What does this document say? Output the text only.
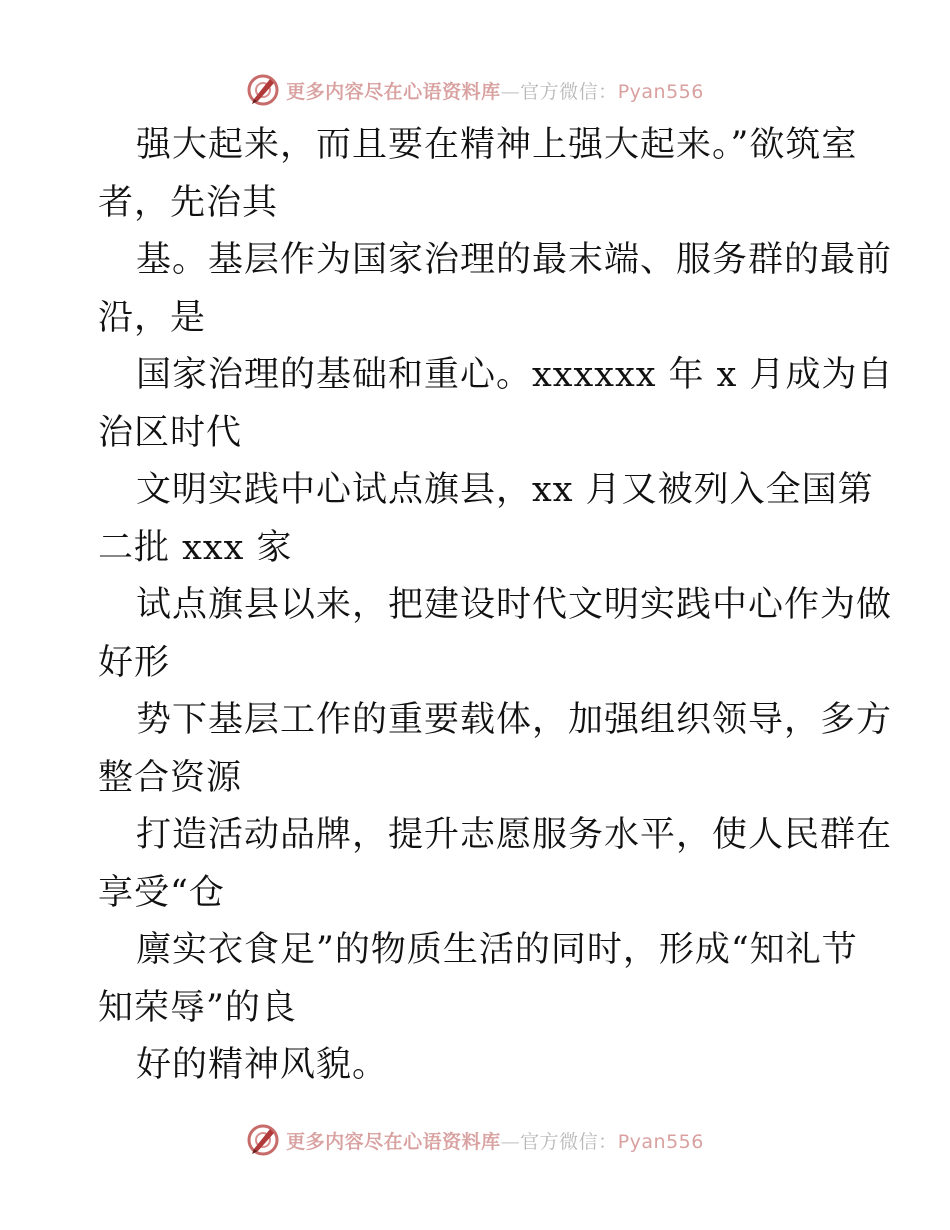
更多内容尽在心语资料库—官方微信：Pyan556
强大起来，而且要在精神上强大起来。”欲筑室
者，先治其
基。基层作为国家治理的最末端、服务群的最前
沿，是
国家治理的基础和重心。xxxxxx 年 x 月成为自
治区时代
文明实践中心试点旗县，xx 月又被列入全国第
二批 xxx 家
试点旗县以来，把建设时代文明实践中心作为做
好形
势下基层工作的重要载体，加强组织领导，多方
整合资源
打造活动品牌，提升志愿服务水平，使人民群在
享受“仓
廪实衣食足”的物质生活的同时，形成“知礼节
知荣辱”的良
好的精神风貌。
更多内容尽在心语资料库—官方微信：Pyan556
